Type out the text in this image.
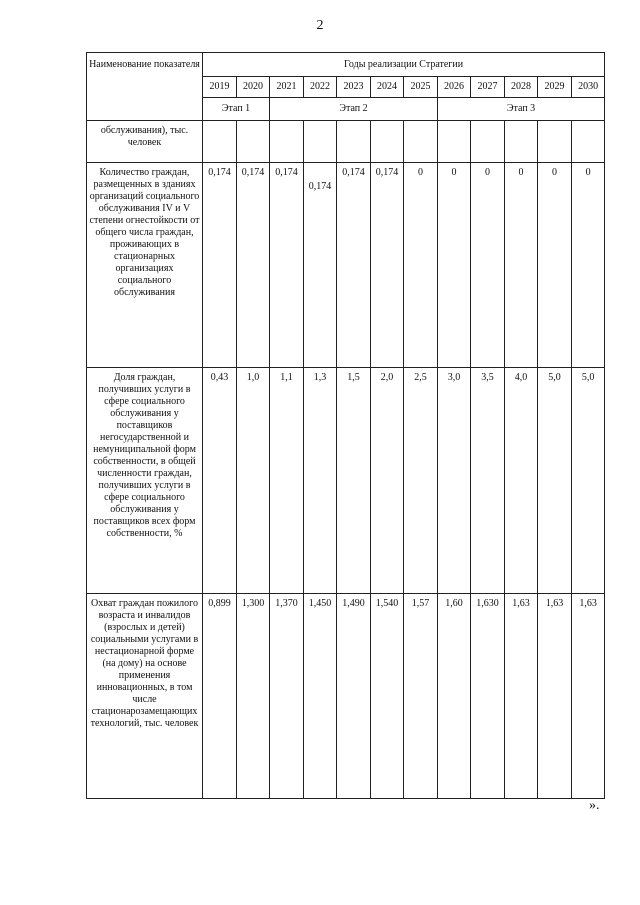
2
Наименование показателя	Годы реализации Стратегии											
	2019	2020	2021	2022	2023	2024	2025	2026	2027	2028	2029	2030
	Этап 1		Этап 2					Этап 3				
обслуживания), тыс. человек												
Количество граждан, размещенных в зданиях организаций социального обслуживания IV и V степени огнестойкости от общего числа граждан, проживающих в стационарных организациях социального обслуживания	0,174	0,174	0,174	0,174	0,174	0,174	0	0	0	0	0	0
Доля граждан, получивших услуги в сфере социального обслуживания у поставщиков негосударственной и немуниципальной форм собственности, в общей численности граждан, получивших услуги в сфере социального обслуживания у поставщиков всех форм собственности, %	0,43	1,0	1,1	1,3	1,5	2,0	2,5	3,0	3,5	4,0	5,0	5,0
Охват граждан пожилого возраста и инвалидов (взрослых и детей) социальными услугами в нестационарной форме (на дому) на основе применения инновационных, в том числе стационарозамещающих технологий, тыс. человек	0,899	1,300	1,370	1,450	1,490	1,540	1,57	1,60	1,630	1,63	1,63	1,63
».
